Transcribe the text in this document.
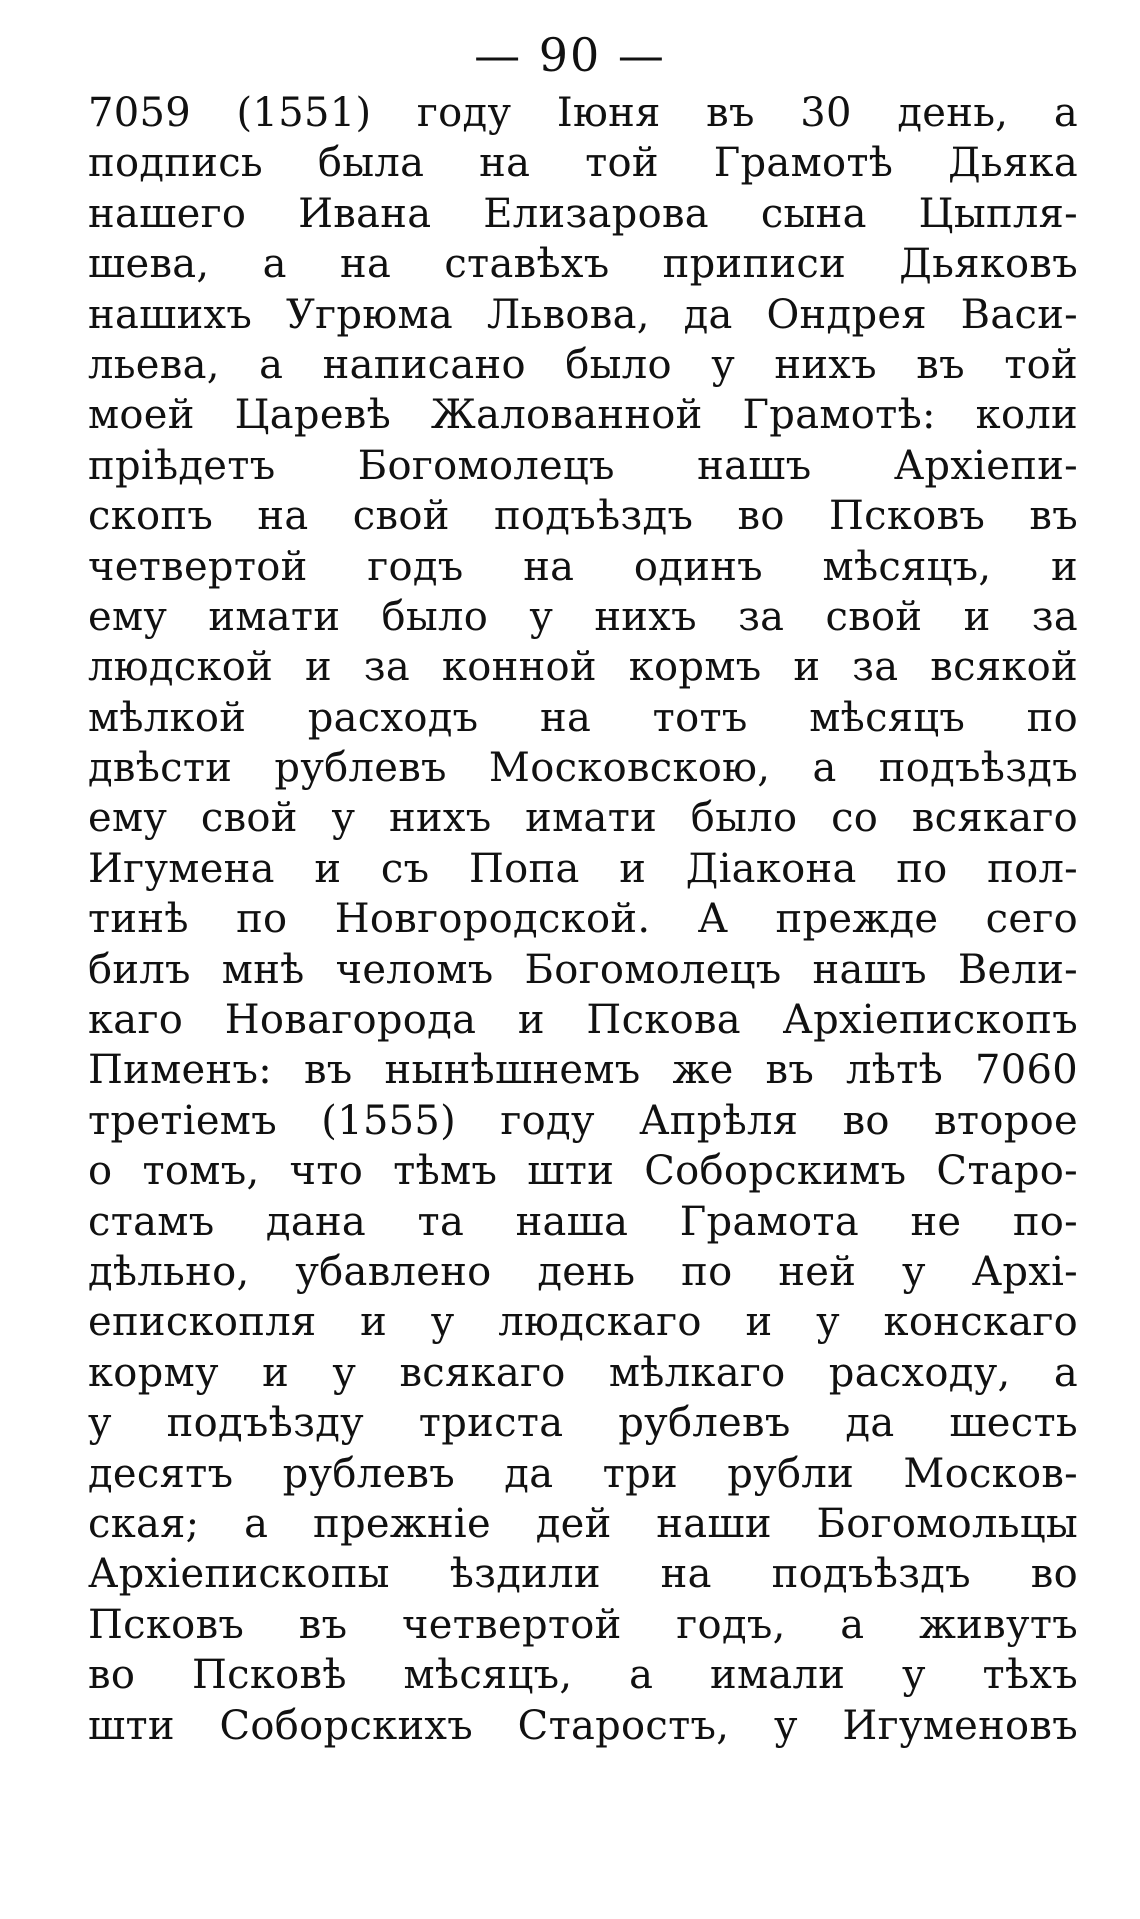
— 90 —
7059 (1551) году Іюня въ 30 день, а
подпись была на той Грамотѣ Дьяка
нашего Ивана Елизарова сына Цыпля-
шева, а на ставѣхъ приписи Дьяковъ
нашихъ Угрюма Львова, да Ондрея Васи-
льева, а написано было у нихъ въ той
моей Царевѣ Жалованной Грамотѣ: коли
прiѣдетъ Богомолецъ нашъ Архiепи-
скопъ на свой подъѣздъ во Псковъ въ
четвертой годъ на одинъ мѣсяцъ, и
ему имати было у нихъ за свой и за
людской и за конной кормъ и за всякой
мѣлкой расходъ на тотъ мѣсяцъ по
двѣсти рублевъ Московскою, а подъѣздъ
ему свой у нихъ имати было со всякаго
Игумена и съ Попа и Дiакона по пол-
тинѣ по Новгородской. А прежде сего
билъ мнѣ челомъ Богомолецъ нашъ Вели-
каго Новагорода и Пскова Архiепископъ
Пименъ: въ нынѣшнемъ же въ лѣтѣ 7060
третiемъ (1555) году Апрѣля во второе
о томъ, что тѣмъ шти Соборскимъ Старо-
стамъ дана та наша Грамота не по-
дѣльно, убавлено день по ней у Архi-
епископля и у людскаго и у конскаго
корму и у всякаго мѣлкаго расходу, а
у подъѣзду триста рублевъ да шесть
десятъ рублевъ да три рубли Москов-
ская; а прежнiе дей наши Богомольцы
Архiепископы ѣздили на подъѣздъ во
Псковъ въ четвертой годъ, а живутъ
во Псковѣ мѣсяцъ, а имали у тѣхъ
шти Соборскихъ Старостъ, у Игуменовъ
